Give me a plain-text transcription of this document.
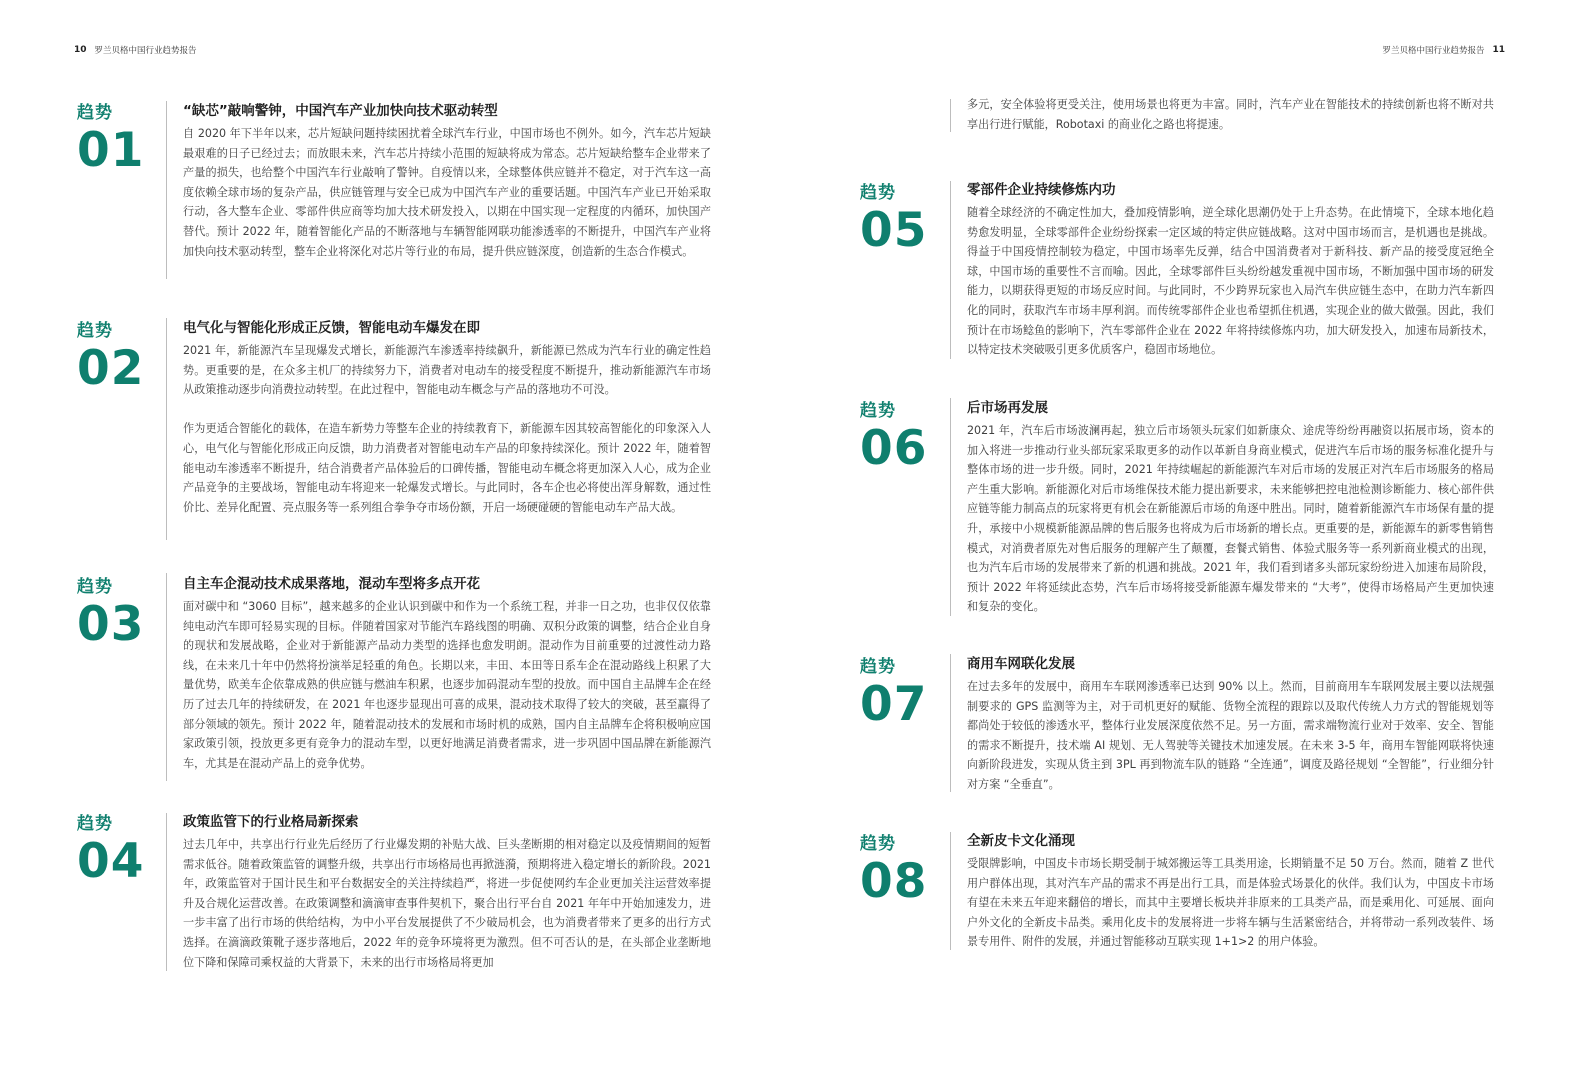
10 罗兰贝格中国行业趋势报告	罗兰贝格中国行业趋势报告 11
趋势
01
“缺芯”敲响警钟，中国汽车产业加快向技术驱动转型

自 2020 年下半年以来，芯片短缺问题持续困扰着全球汽车行业，中国市场也不例外。如今，汽车芯片短缺最艰难的日子已经过去；而放眼未来，汽车芯片持续小范围的短缺将成为常态。芯片短缺给整车企业带来了产量的损失，也给整个中国汽车行业敲响了警钟。自疫情以来，全球整体供应链并不稳定，对于汽车这一高度依赖全球市场的复杂产品，供应链管理与安全已成为中国汽车产业的重要话题。中国汽车产业已开始采取行动，各大整车企业、零部件供应商等均加大技术研发投入，以期在中国实现一定程度的内循环，加快国产替代。预计 2022 年，随着智能化产品的不断落地与车辆智能网联功能渗透率的不断提升，中国汽车产业将加快向技术驱动转型，整车企业将深化对芯片等行业的布局，提升供应链深度，创造新的生态合作模式。

趋势
02
电气化与智能化形成正反馈，智能电动车爆发在即

2021 年，新能源汽车呈现爆发式增长，新能源汽车渗透率持续飙升，新能源已然成为汽车行业的确定性趋势。更重要的是，在众多主机厂的持续努力下，消费者对电动车的接受程度不断提升，推动新能源汽车市场从政策推动逐步向消费拉动转型。在此过程中，智能电动车概念与产品的落地功不可没。

作为更适合智能化的载体，在造车新势力等整车企业的持续教育下，新能源车因其较高智能化的印象深入人心，电气化与智能化形成正向反馈，助力消费者对智能电动车产品的印象持续深化。预计 2022 年，随着智能电动车渗透率不断提升，结合消费者产品体验后的口碑传播，智能电动车概念将更加深入人心，成为企业产品竞争的主要战场，智能电动车将迎来一轮爆发式增长。与此同时，各车企也必将使出浑身解数，通过性价比、差异化配置、亮点服务等一系列组合拳争夺市场份额，开启一场硬碰硬的智能电动车产品大战。

趋势
03
自主车企混动技术成果落地，混动车型将多点开花

面对碳中和 “3060 目标”，越来越多的企业认识到碳中和作为一个系统工程，并非一日之功，也非仅仅依靠纯电动汽车即可轻易实现的目标。伴随着国家对节能汽车路线图的明确、双积分政策的调整，结合企业自身的现状和发展战略，企业对于新能源产品动力类型的选择也愈发明朗。混动作为目前重要的过渡性动力路线，在未来几十年中仍然将扮演举足轻重的角色。长期以来，丰田、本田等日系车企在混动路线上积累了大量优势，欧美车企依靠成熟的供应链与燃油车积累，也逐步加码混动车型的投放。而中国自主品牌车企在经历了过去几年的持续研发，在 2021 年也逐步显现出可喜的成果，混动技术取得了较大的突破，甚至赢得了部分领域的领先。预计 2022 年，随着混动技术的发展和市场时机的成熟，国内自主品牌车企将积极响应国家政策引领，投放更多更有竞争力的混动车型，以更好地满足消费者需求，进一步巩固中国品牌在新能源汽车，尤其是在混动产品上的竞争优势。

趋势
04
政策监管下的行业格局新探索

过去几年中，共享出行行业先后经历了行业爆发期的补贴大战、巨头垄断期的相对稳定以及疫情期间的短暂需求低谷。随着政策监管的调整升级，共享出行市场格局也再掀涟漪，预期将进入稳定增长的新阶段。2021 年，政策监管对于国计民生和平台数据安全的关注持续趋严，将进一步促使网约车企业更加关注运营效率提升及合规化运营改善。在政策调整和滴滴审查事件契机下，聚合出行平台自 2021 年年中开始加速发力，进一步丰富了出行市场的供给结构，为中小平台发展提供了不少破局机会，也为消费者带来了更多的出行方式选择。在滴滴政策靴子逐步落地后，2022 年的竞争环境将更为激烈。但不可否认的是，在头部企业垄断地位下降和保障司乘权益的大背景下，未来的出行市场格局将更加

多元，安全体验将更受关注，使用场景也将更为丰富。同时，汽车产业在智能技术的持续创新也将不断对共享出行进行赋能，Robotaxi 的商业化之路也将提速。

趋势
05
零部件企业持续修炼内功

随着全球经济的不确定性加大，叠加疫情影响，逆全球化思潮仍处于上升态势。在此情境下，全球本地化趋势愈发明显，全球零部件企业纷纷探索一定区域的特定供应链战略。这对中国市场而言，是机遇也是挑战。得益于中国疫情控制较为稳定，中国市场率先反弹，结合中国消费者对于新科技、新产品的接受度冠绝全球，中国市场的重要性不言而喻。因此，全球零部件巨头纷纷越发重视中国市场，不断加强中国市场的研发能力，以期获得更短的市场反应时间。与此同时，不少跨界玩家也入局汽车供应链生态中，在助力汽车新四化的同时，获取汽车市场丰厚利润。而传统零部件企业也希望抓住机遇，实现企业的做大做强。因此，我们预计在市场鲶鱼的影响下，汽车零部件企业在 2022 年将持续修炼内功，加大研发投入，加速布局新技术，以特定技术突破吸引更多优质客户，稳固市场地位。

趋势
06
后市场再发展

2021 年，汽车后市场波澜再起，独立后市场领头玩家们如新康众、途虎等纷纷再融资以拓展市场，资本的加入将进一步推动行业头部玩家采取更多的动作以革新自身商业模式，促进汽车后市场的服务标准化提升与整体市场的进一步升级。同时，2021 年持续崛起的新能源汽车对后市场的发展正对汽车后市场服务的格局产生重大影响。新能源化对后市场维保技术能力提出新要求，未来能够把控电池检测诊断能力、核心部件供应链等能力制高点的玩家将更有机会在新能源后市场的角逐中胜出。同时，随着新能源汽车市场保有量的提升，承接中小规模新能源品牌的售后服务也将成为后市场新的增长点。更重要的是，新能源车的新零售销售模式，对消费者原先对售后服务的理解产生了颠覆，套餐式销售、体验式服务等一系列新商业模式的出现，也为汽车后市场的发展带来了新的机遇和挑战。2021 年，我们看到诸多头部玩家纷纷进入加速布局阶段，预计 2022 年将延续此态势，汽车后市场将接受新能源车爆发带来的 “大考”，使得市场格局产生更加快速和复杂的变化。

趋势
07
商用车网联化发展

在过去多年的发展中，商用车车联网渗透率已达到 90% 以上。然而，目前商用车车联网发展主要以法规强制要求的 GPS 监测等为主，对于司机更好的赋能、货物全流程的跟踪以及取代传统人力方式的智能规划等都尚处于较低的渗透水平，整体行业发展深度依然不足。另一方面，需求端物流行业对于效率、安全、智能的需求不断提升，技术端 AI 规划、无人驾驶等关键技术加速发展。在未来 3-5 年，商用车智能网联将快速向新阶段进发，实现从货主到 3PL 再到物流车队的链路 “全连通”，调度及路径规划 “全智能”，行业细分针对方案 “全垂直”。

趋势
08
全新皮卡文化涌现

受限牌影响，中国皮卡市场长期受制于城郊搬运等工具类用途，长期销量不足 50 万台。然而，随着 Z 世代用户群体出现，其对汽车产品的需求不再是出行工具，而是体验式场景化的伙伴。我们认为，中国皮卡市场有望在未来五年迎来翻倍的增长，而其中主要增长板块并非原来的工具类产品，而是乘用化、可延展、面向户外文化的全新皮卡品类。乘用化皮卡的发展将进一步将车辆与生活紧密结合，并将带动一系列改装件、场景专用件、附件的发展，并通过智能移动互联实现 1+1>2 的用户体验。
